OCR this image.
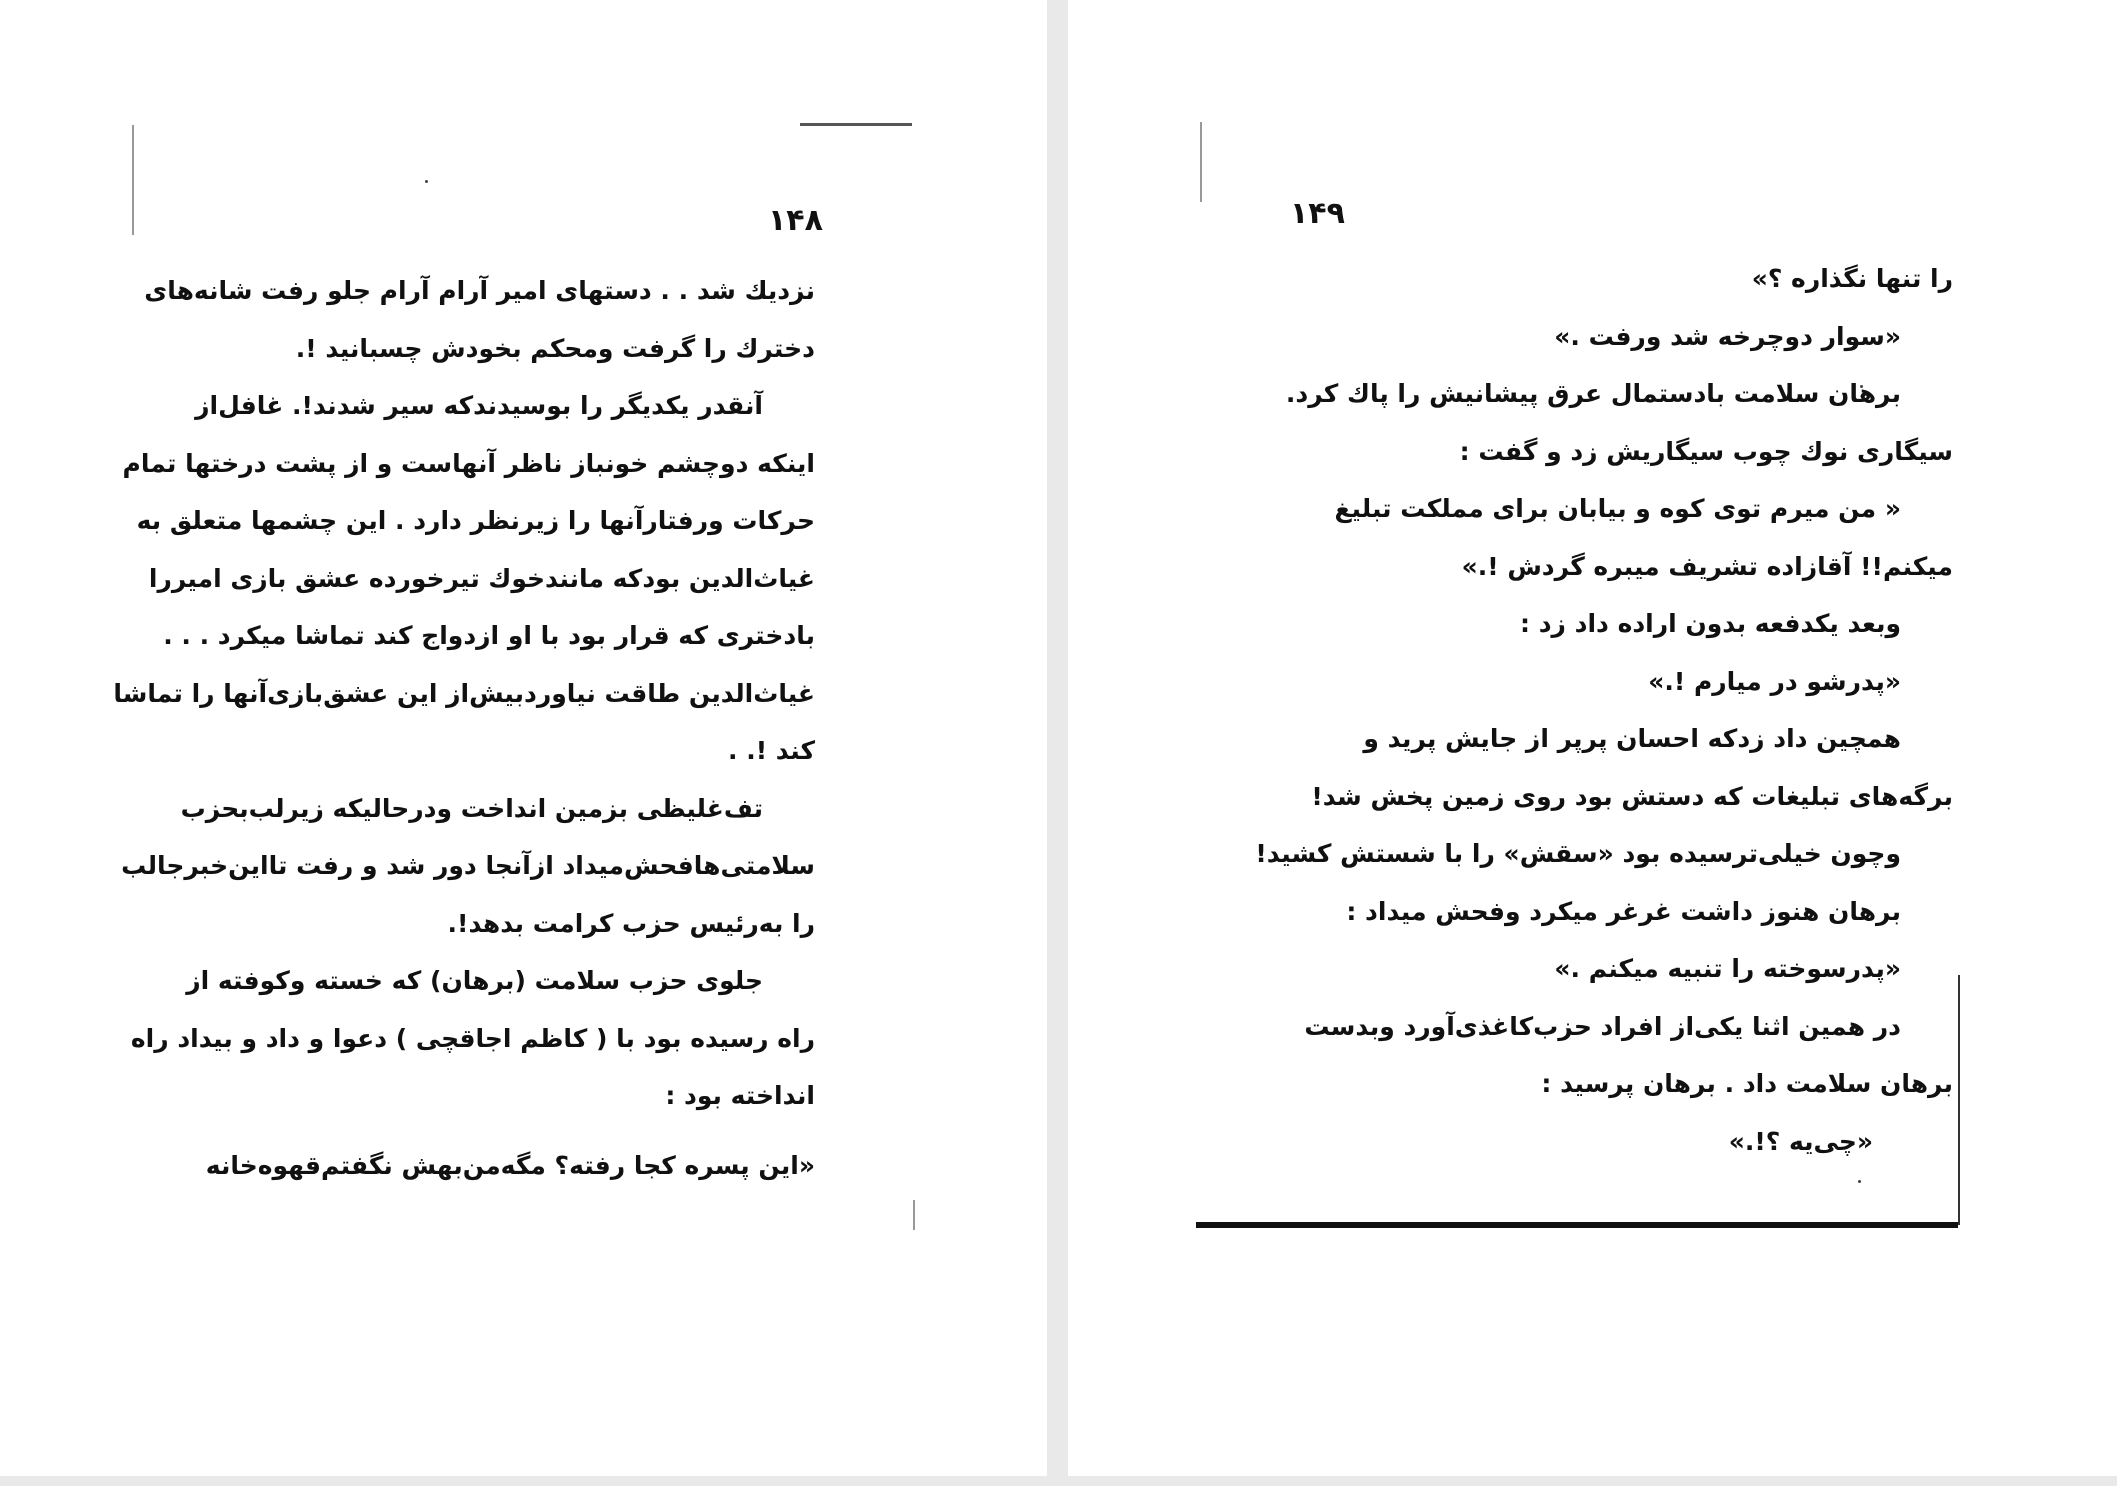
۱۴۸
نزدیك شد . . دستهای امیر آرام آرام جلو رفت شانه‌های
دخترك را گرفت ومحکم بخودش چسبانید !.
آنقدر یکدیگر را بوسیدندکه سیر شدند!. غافل‌از
اینکه دوچشم خونباز ناظر آنهاست و از پشت درختها تمام
حرکات ورفتارآنها را زیرنظر دارد . این چشمها متعلق به
غیاث‌الدین بودکه مانندخوك تیرخورده عشق بازی امیررا
بادختری که قرار بود با او ازدواج کند تماشا میکرد . . .
غیاث‌الدین طاقت نیاوردبیش‌از این عشق‌بازی‌آنها را تماشا
کند !. .
تف‌غلیظی بزمین انداخت ودرحالیکه زیرلب‌بحزب
سلامتی‌هافحش‌میداد ازآنجا دور شد و رفت تااین‌خبرجالب
را به‌رئیس حزب کرامت بدهد!.
جلوی حزب سلامت (برهان) که خسته وکوفته از
راه رسیده بود با ( کاظم اجاقچی ) دعوا و داد و بیداد راه
انداخته بود :
«این پسره کجا رفته؟ مگه‌من‌بهش نگفتم‌قهوه‌خانه
۱۴۹
را تنها نگذاره ؟»
«سوار دوچرخه شد ورفت .»
برهان سلامت بادستمال عرق پیشانیش را پاك کرد.
سیگاری نوك چوب سیگاریش زد و گفت :
« من میرم توی کوه و بیابان برای مملکت تبلیغ
میکنم!! آقازاده تشریف میبره گردش !.»
وبعد یکدفعه بدون اراده داد زد :
«پدرشو در میارم !.»
همچین داد زدکه احسان پرپر از جایش پرید و
برگه‌های تبلیغات که دستش بود روی زمین پخش شد!
وچون خیلی‌ترسیده بود «سقش» را با شستش کشید!
برهان هنوز داشت غرغر میکرد وفحش میداد :
«پدرسوخته را تنبیه میکنم .»
در همین اثنا یکی‌از افراد حزب‌کاغذی‌آورد وبدست
برهان سلامت داد . برهان پرسید :
«چی‌یه ؟!.»
